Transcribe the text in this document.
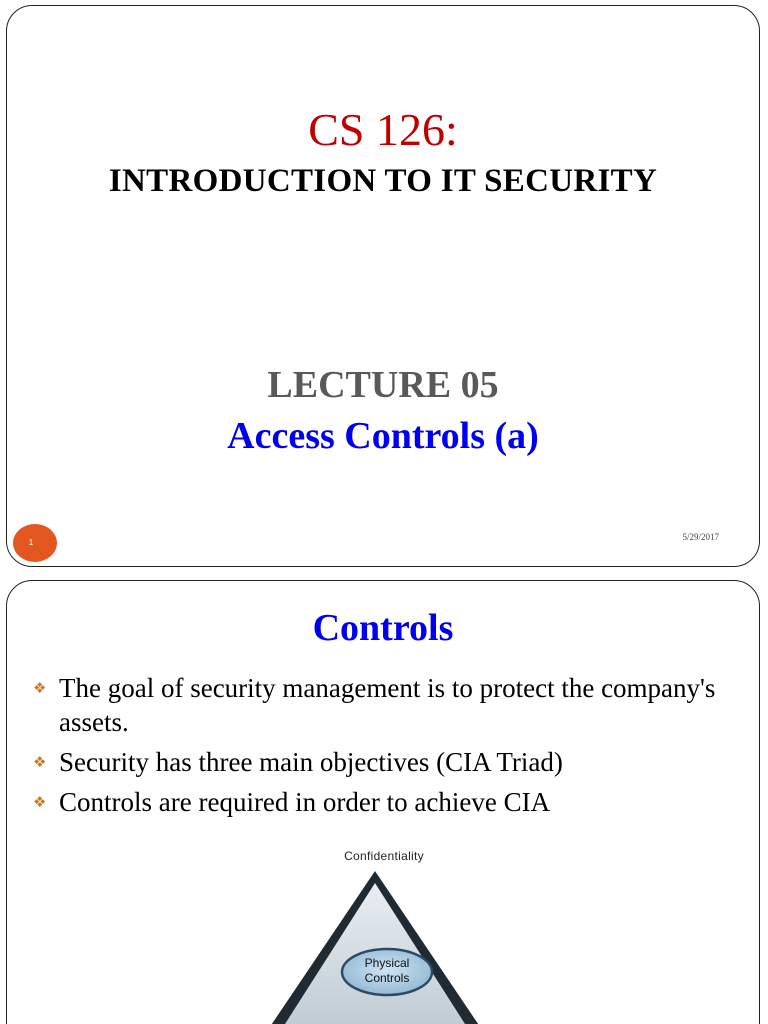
CS 126:
INTRODUCTION TO IT SECURITY
LECTURE 05
Access Controls (a)
1
5/29/2017
Controls
❖ The goal of security management is to protect the company's assets.
❖ Security has three main objectives (CIA Triad)
❖ Controls are required in order to achieve CIA
Confidentiality
Physical
Controls
